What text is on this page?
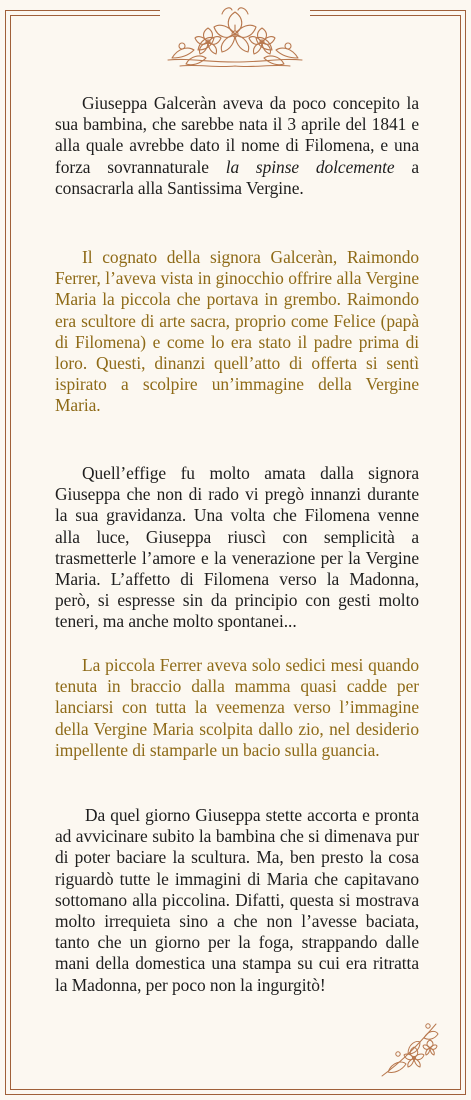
Giuseppa Galceràn aveva da poco concepito la sua bambina, che sarebbe nata il 3 aprile del 1841 e alla quale avrebbe dato il nome di Filomena, e una forza sovrannaturale la spinse dolcemente a consacrarla alla Santissima Vergine.

Il cognato della signora Galceràn, Raimondo Ferrer, l’aveva vista in ginocchio offrire alla Vergine Maria la piccola che portava in grembo. Raimondo era scultore di arte sacra, proprio come Felice (papà di Filomena) e come lo era stato il padre prima di loro. Questi, dinanzi quell’atto di offerta si sentì ispirato a scolpire un’immagine della Vergine Maria.

Quell’effige fu molto amata dalla signora Giuseppa che non di rado vi pregò innanzi durante la sua gravidanza. Una volta che Filomena venne alla luce, Giuseppa riuscì con semplicità a trasmetterle l’amore e la venerazione per la Vergine Maria. L’affetto di Filomena verso la Madonna, però, si espresse sin da principio con gesti molto teneri, ma anche molto spontanei...

La piccola Ferrer aveva solo sedici mesi quando tenuta in braccio dalla mamma quasi cadde per lanciarsi con tutta la veemenza verso l’immagine della Vergine Maria scolpita dallo zio, nel desiderio impellente di stamparle un bacio sulla guancia.

Da quel giorno Giuseppa stette accorta e pronta ad avvicinare subito la bambina che si dimenava pur di poter baciare la scultura. Ma, ben presto la cosa riguardò tutte le immagini di Maria che capitavano sottomano alla piccolina. Difatti, questa si mostrava molto irrequieta sino a che non l’avesse baciata, tanto che un giorno per la foga, strappando dalle mani della domestica una stampa su cui era ritratta la Madonna, per poco non la ingurgitò!
